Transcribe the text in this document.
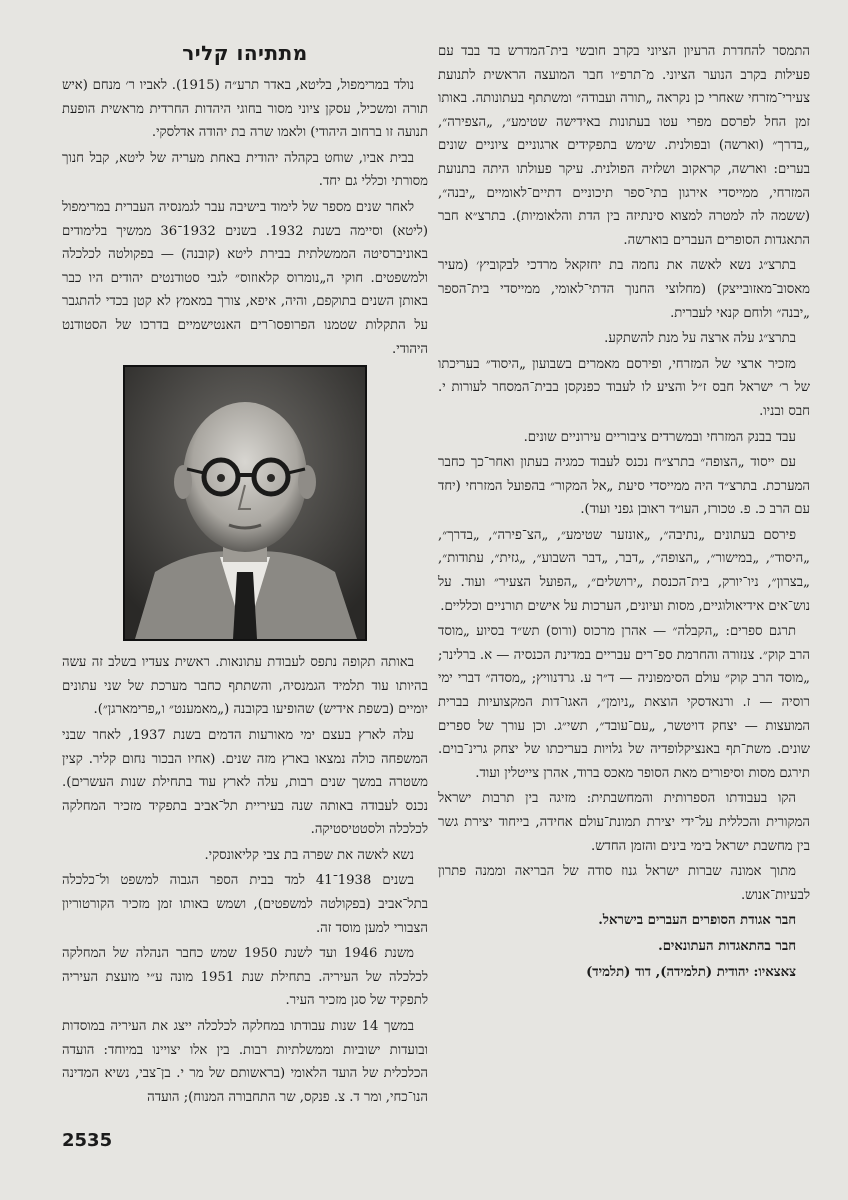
התמסר להחדרת הרעיון הציוני בקרב חובשי בית־המדרש בד בבד עם פעילות בקרב הנוער הציוני. מ־תרפ״ו חבר המועצה הראשית לתנועת צעירי־מזרחי שאחרי כן נקראה „תורה ועבודה״ ומשתתף בעתונותה. באותו זמן החל לפרסם מפרי עטו בעתונות באידישה שטימע״, „הצפירה״, „בדרך״ (וארשה) ובפולנית. שימש בתפקידים ארגוניים ציוניים שונים בערים: וארשה, קראקוב ושלזיה הפולנית. עיקר פעולתו היתה בתנועת המזרחי, ממייסדי אירגון בתי־ספר תיכוניים דתיים־לאומיים „יבנה״, (ששמה לה למטרה למצוא סינתיזה בין הדת והלאומיות). בתרצ״א חבר התאגדות הסופרים העברים בוארשה.

בתרצ״ג נשא לאשה את נחמה בת יחזקאל מרדכי לבקוביץ׳ (מעיר מאסוב־מאזובייצק) (מחלוצי החנוך הדתי־לאומי, ממייסדי בית־הספר „יבנה״ ולוחם קנאי לעברית.

בתרצ״ג עלה ארצה על מנת להשתקע.

מזכיר ארצי של המזרחי, ופירסם מאמרים בשבועון „היסוד״ בעריכתו של ר׳ ישראל חבס ז״ל והציע לו לעבוד כפנקסן בבית־המסחר לעורות י. חבס ובניו.

עבד בבנק המזרחי ובמשרדים ציבוריים עירוניים שונים.

עם ייסוד „הצופה״ בתרצ״ח נכנס לעבוד כמגיה בעתון ואחר־כך כחבר המערכת. בתרצ״ד היה ממייסדי סיעת „אל המקור״ בהפועל המזרחי (יחד עם הרב כ. פ. טכורז, העו״ד ראובן גפני ועוד).

פירסם בעתונים „נתיבה״, „אונזער שטימע״, „הצ־פירה״, „בדרך״, „היסוד״, „במישור״, „הצופה״, „דבר, „דבר השבוע״, „גזית״, עתודות״, „בצרון״, ניו־יורק, בית־הכנסת „ירושלים״, „הפועל הצעיר״ ועוד. על נוש־אים אידיאולוגיים, מסות ועיונים, הערכות על אישים תורניים וכלליים.

תרגם ספרים: „הקבלה״ — אהרן מרכוס (ורוס) תש״ד בסיוע „מוסד הרב קוק״. צנזורה והחרמת ספ־רים עבריים במדינת הכנסיה — א. ברלינר; „מוסד הרב קוק״ עולם הסימפוניה — ד״ר ע. גרדנוויץ; „מסדה״ דברי ימי רוסיה — ז. ורנאדסקי הוצאת „ניומן״, האגו־דות המקצועיות בברית המועצות — יצחק דויטשר, „עם־עובד״, תשי״ג. וכן עורך של ספרים שונים. משת־תף באנציקלופדיה של גלויות בעריכתו של יצחק גרינ־בוים. תירגם מסות וסיפורים מאת הסופר מאכס ברוד, אהרן צייטלין ועוד.

הקו בעבודתו הספרותית והמחשבתית: מזיגה בין תרבות ישראל המקורית והכללית על־ידי יצירת תמונת־עולם אחידה, בייחוד יצירת גשר בין מחשבת ישראל בימי בינים והזמן החדש.

מתוך אמונה שברות ישראל גנוז סודה של הבריאה וממנה פתרון לבעיות־אנוש.

חבר אגודת הסופרים העברים בישראל.

חבר בהתאגדות העתונאים.

צאצאיו: יהודית (תלמידה), דוד (תלמיד)

מתתיהו קליר

נולד במרימפול, בליטא, באדר תרע״ה (1915). לאביו ר׳ מנחם (איש תורה ומשכיל, עסקן ציוני מסור בחוגי היהדות החרדית מראשית הופעת תנועה זו ברחוב היהודי) ולאמו שרה בת יהודה אדלסקי.

בבית אביו, שוחט בקהלה יהודית באחת מעריה של ליטא, קבל חנוך מסורתי וכללי גם יחד.

לאחר שנים מספר של לימוד בישיבה עבר לגמנסיה העברית במרימפול (ליטא) וסיימה בשנת 1932. בשנים 1932־36 ממשיך בלימודים באוניברסיטה הממשלתית בבירת ליטא (קובנה) — בפקולטה לכלכלה ולמשפטים. חוקי ה„נומרוס קלאוזוס״ לגבי סטודנטים יהודים היו כבר באותן השנים בתוקפם, והיה, איפא, צורך במאמץ לא קטן בכדי להתגבר על התקלות שטמנו הפרופסו־רים האנטישמיים בדרכו של הסטודנט היהודי.

באותה תקופה נתפס לעבודת עתונאות. ראשית צעדיו בשלב זה עשה בהיותו עוד תלמיד הגמנסיה, והשתתף כחבר מערכת של שני עתונים יומיים (בשפת אידיש) שהופיעו בקובנה („מאמענט״ ו„פרימארגן״).

עלה לארץ בעצם ימי מאורעות הדמים בשנת 1937, לאחר שבני המשפחה כולה נמצאו בארץ מזה שנים. (אחיו הבכור נחום קליר. קצין משטרה במשך שנים רבות, עלה לארץ עוד בתחילת שנות העשרים). נכנס לעבודה באותה שנה בעיריית תל־אביב בתפקיד מזכיר המחלקה לכלכלה ולסטטיסטיקה.

נשא לאשה את שפרה בת צבי קליאונסקי.

בשנים 1938־41 למד בבית הספר הגבוה למשפט ול־כלכלה בתל־אביב (בפקולטה למשפטים), ושמש באותו זמן מזכיר הקורטוריון הצבורי למען מוסד זה.

משנת 1946 ועד לשנת 1950 שמש כחבר הנהלה של המחלקה לכלכלה של העיריה. בתחילת שנת 1951 מונה ע״י מועצת העיריה לתפקיד של סגן מזכיר העיר.

במשך 14 שנות עבודתו במחלקה לכלכלה ייצג את העיריה במוסדות ובועדות ישוביות וממשלתיות רבות. בין אלו יצויינו במיוחד: הועדה הכלכלית של הועד הלאומי (בראשותם של מר י. בן־צבי, נשיא המדינה הנו־כחי, ומר ד. צ. פנקס, שר התחבורה המנוח); הועדה

2535
